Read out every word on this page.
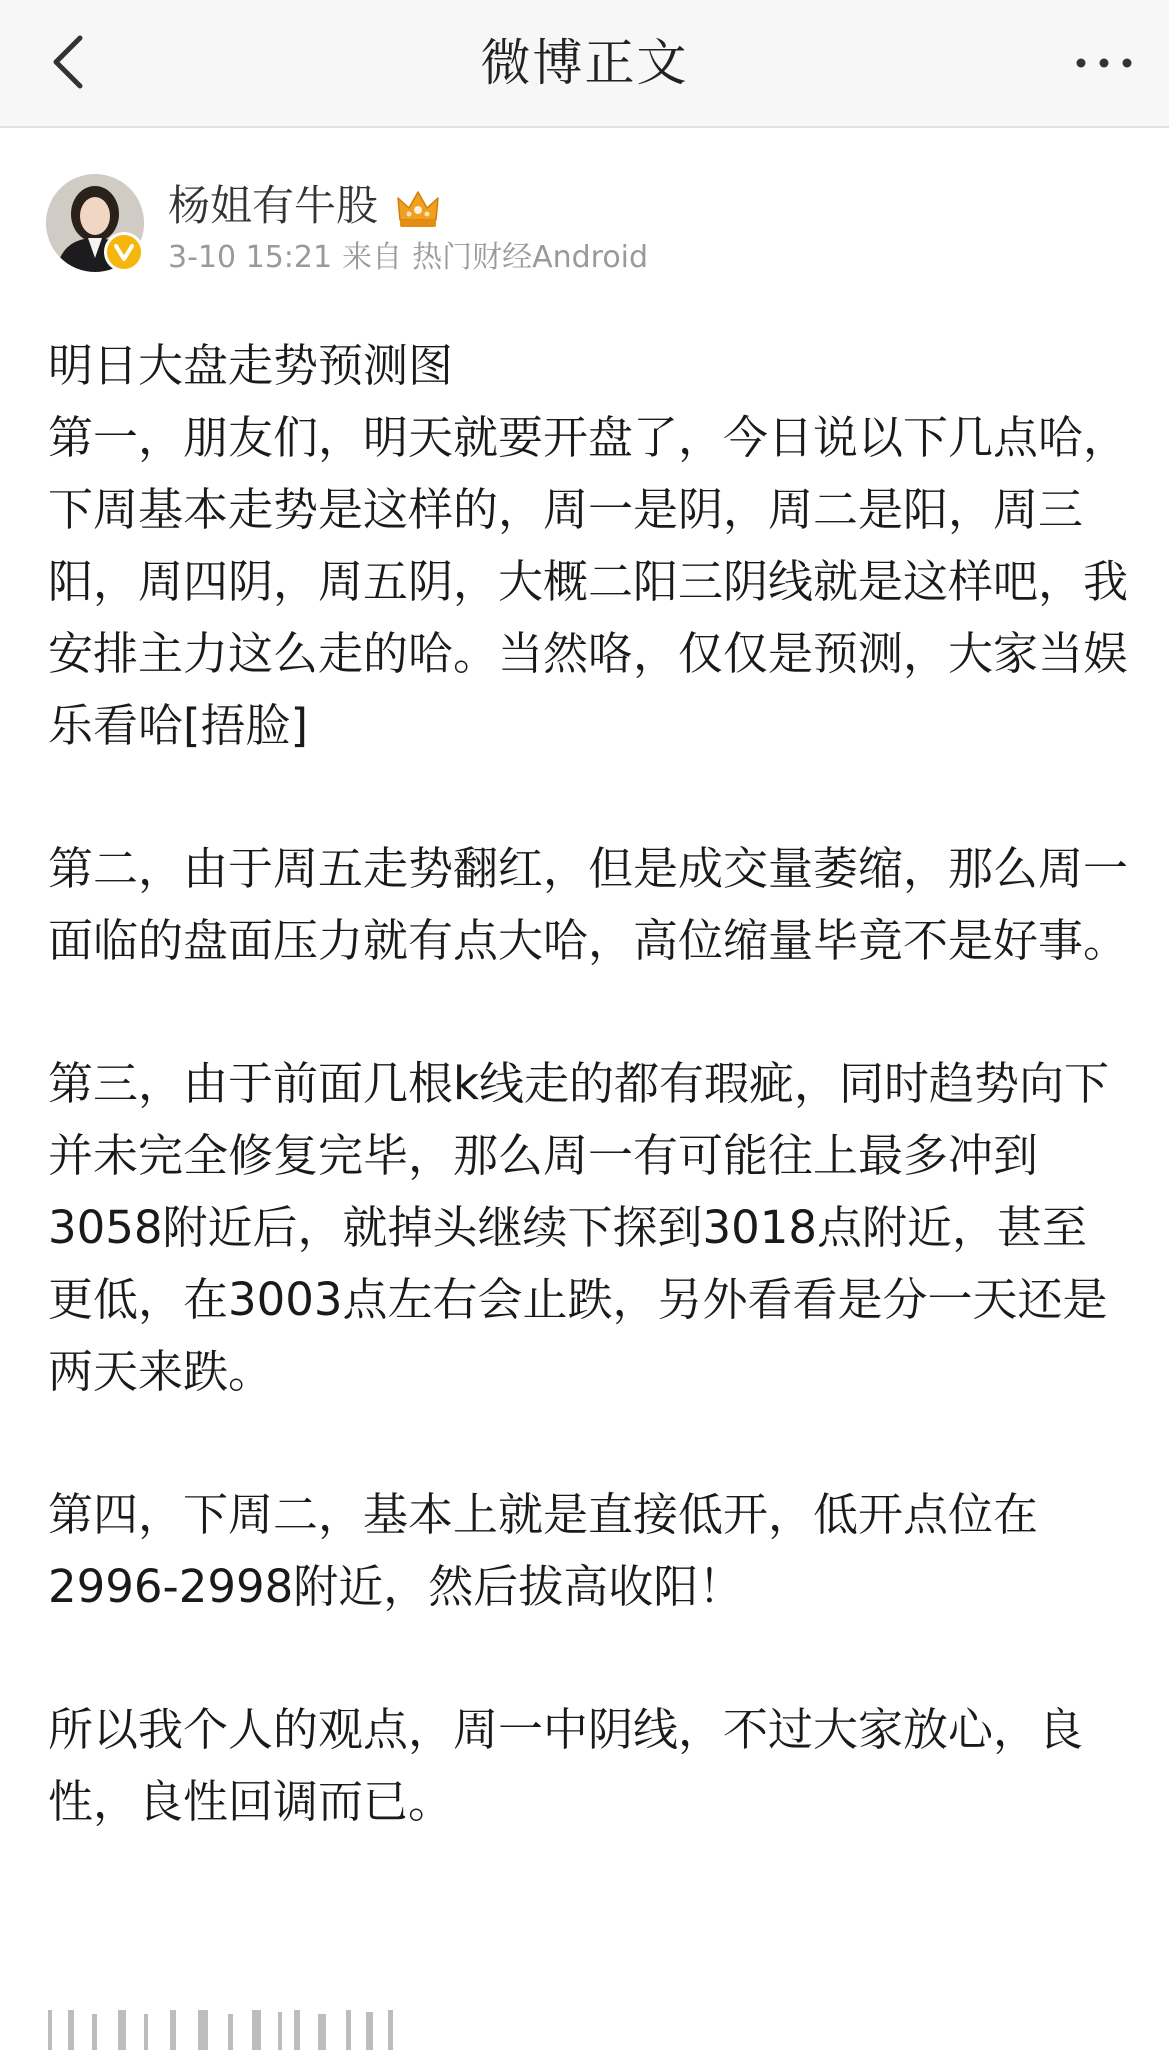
微博正文
杨姐有牛股
3-10 15:21 来自 热门财经Android

明日大盘走势预测图

第一，朋友们，明天就要开盘了，今日说以下几点哈，下周基本走势是这样的，周一是阴，周二是阳，周三阳，周四阴，周五阴，大概二阳三阴线就是这样吧，我安排主力这么走的哈。当然咯，仅仅是预测，大家当娱乐看哈[捂脸]

第二，由于周五走势翻红，但是成交量萎缩，那么周一面临的盘面压力就有点大哈，高位缩量毕竟不是好事。

第三，由于前面几根k线走的都有瑕疵，同时趋势向下并未完全修复完毕，那么周一有可能往上最多冲到3058附近后，就掉头继续下探到3018点附近，甚至更低，在3003点左右会止跌，另外看看是分一天还是两天来跌。

第四，下周二，基本上就是直接低开，低开点位在2996-2998附近，然后拔高收阳！

所以我个人的观点，周一中阴线，不过大家放心，良性，良性回调而已。
